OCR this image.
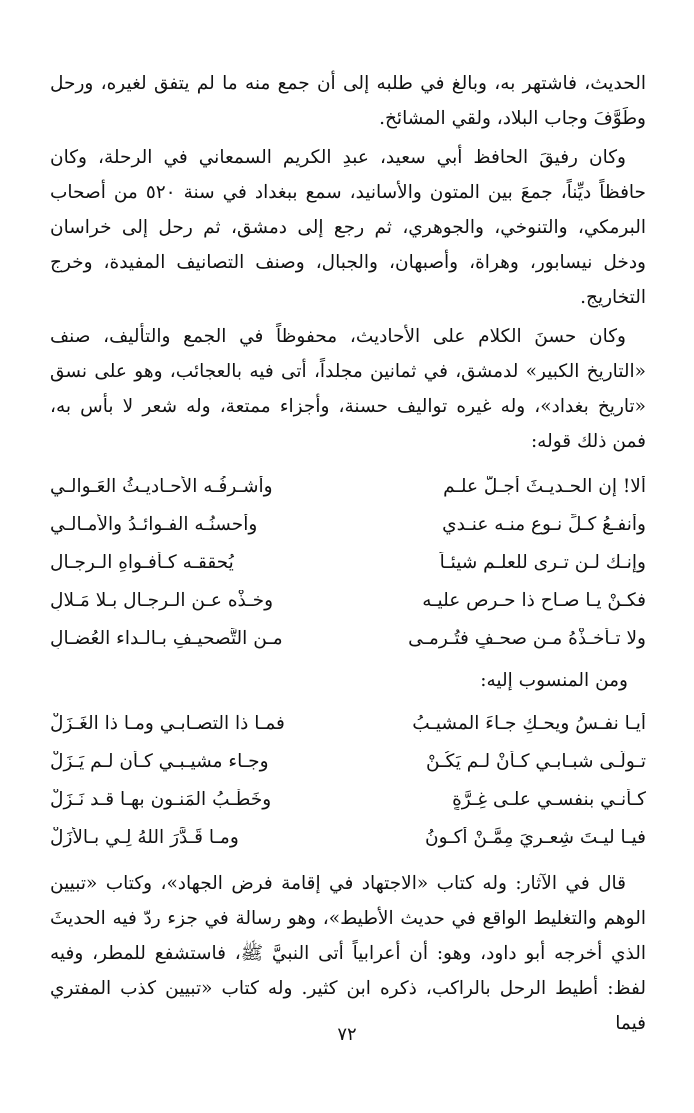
الحديث، فاشتهر به، وبالغ في طلبه إلى أن جمع منه ما لم يتفق لغيره، ورحل وطَوَّفَ وجاب البلاد، ولقي المشائخ.

وكان رفيقَ الحافظ أبي سعيد، عبدِ الكريم السمعاني في الرحلة، وكان حافظاً ديِّناً، جمعَ بين المتون والأسانيد، سمع ببغداد في سنة ٥٢٠ من أصحاب البرمكي، والتنوخي، والجوهري، ثم رجع إلى دمشق، ثم رحل إلى خراسان ودخل نيسابور، وهراة، وأصبهان، والجبال، وصنف التصانيف المفيدة، وخرج التخاريج.

وكان حسنَ الكلام على الأحاديث، محفوظاً في الجمع والتأليف، صنف «التاريخ الكبير» لدمشق، في ثمانين مجلداً، أتى فيه بالعجائب، وهو على نسق «تاريخ بغداد»، وله غيره تواليف حسنة، وأجزاء ممتعة، وله شعر لا بأس به، فمن ذلك قوله:

ألا! إن الحـديـثَ أجـلُّ علـمٍ
وأشـرفُـه الأحـاديـثُ العَـوالـي
وأنفـعُ كـلِّ نـوعٍ منـه عنـدي
وأحسنُـه الفـوائـدُ والأمـالـي
وإنـك لـن تـرى للعلـم شيئـاً
يُحققـه كـأفـواهِ الـرجـال
فكـنْ يـا صـاحِ ذا حـرصٍ عليـه
وخـذْه عـن الـرجـال بـلا مَـلالِ
ولا تـأخـذْهُ مـن صحـفٍ فتُـرمـى
مـن التَّصحيـفِ بـالـداء العُضـالِ

ومن المنسوب إليه:

أيـا نفـسُ ويحـكِ جـاءَ المشيـبُ
فمـا ذا التصـابـي ومـا ذا الغَـزَلْ
تـولَّـى شبـابـي كـأنْ لـم يَكُـنْ
وجـاء مشيـبـي كـأن لـم يَـزَلْ
كـأنـي بنفسـي علـى غِـرَّةٍ
وخَطْـبُ المَنـون بهـا قـد نَـزَلْ
فيـا ليـتَ شِعـريَ مِمَّـنْ أكـونُ
ومـا قَـدَّرَ اللهُ لِـي بـالأزَلْ

قال في الآثار: وله كتاب «الاجتهاد في إقامة فرض الجهاد»، وكتاب «تبيين الوهم والتغليط الواقع في حديث الأطيط»، وهو رسالة في جزء ردّ فيه الحديثَ الذي أخرجه أبو داود، وهو: أن أعرابياً أتى النبيَّ ﷺ، فاستشفع للمطر، وفيه لفظ: أطيط الرحل بالراكب، ذكره ابن كثير. وله كتاب «تبيين كذب المفتري فيما

٧٢
